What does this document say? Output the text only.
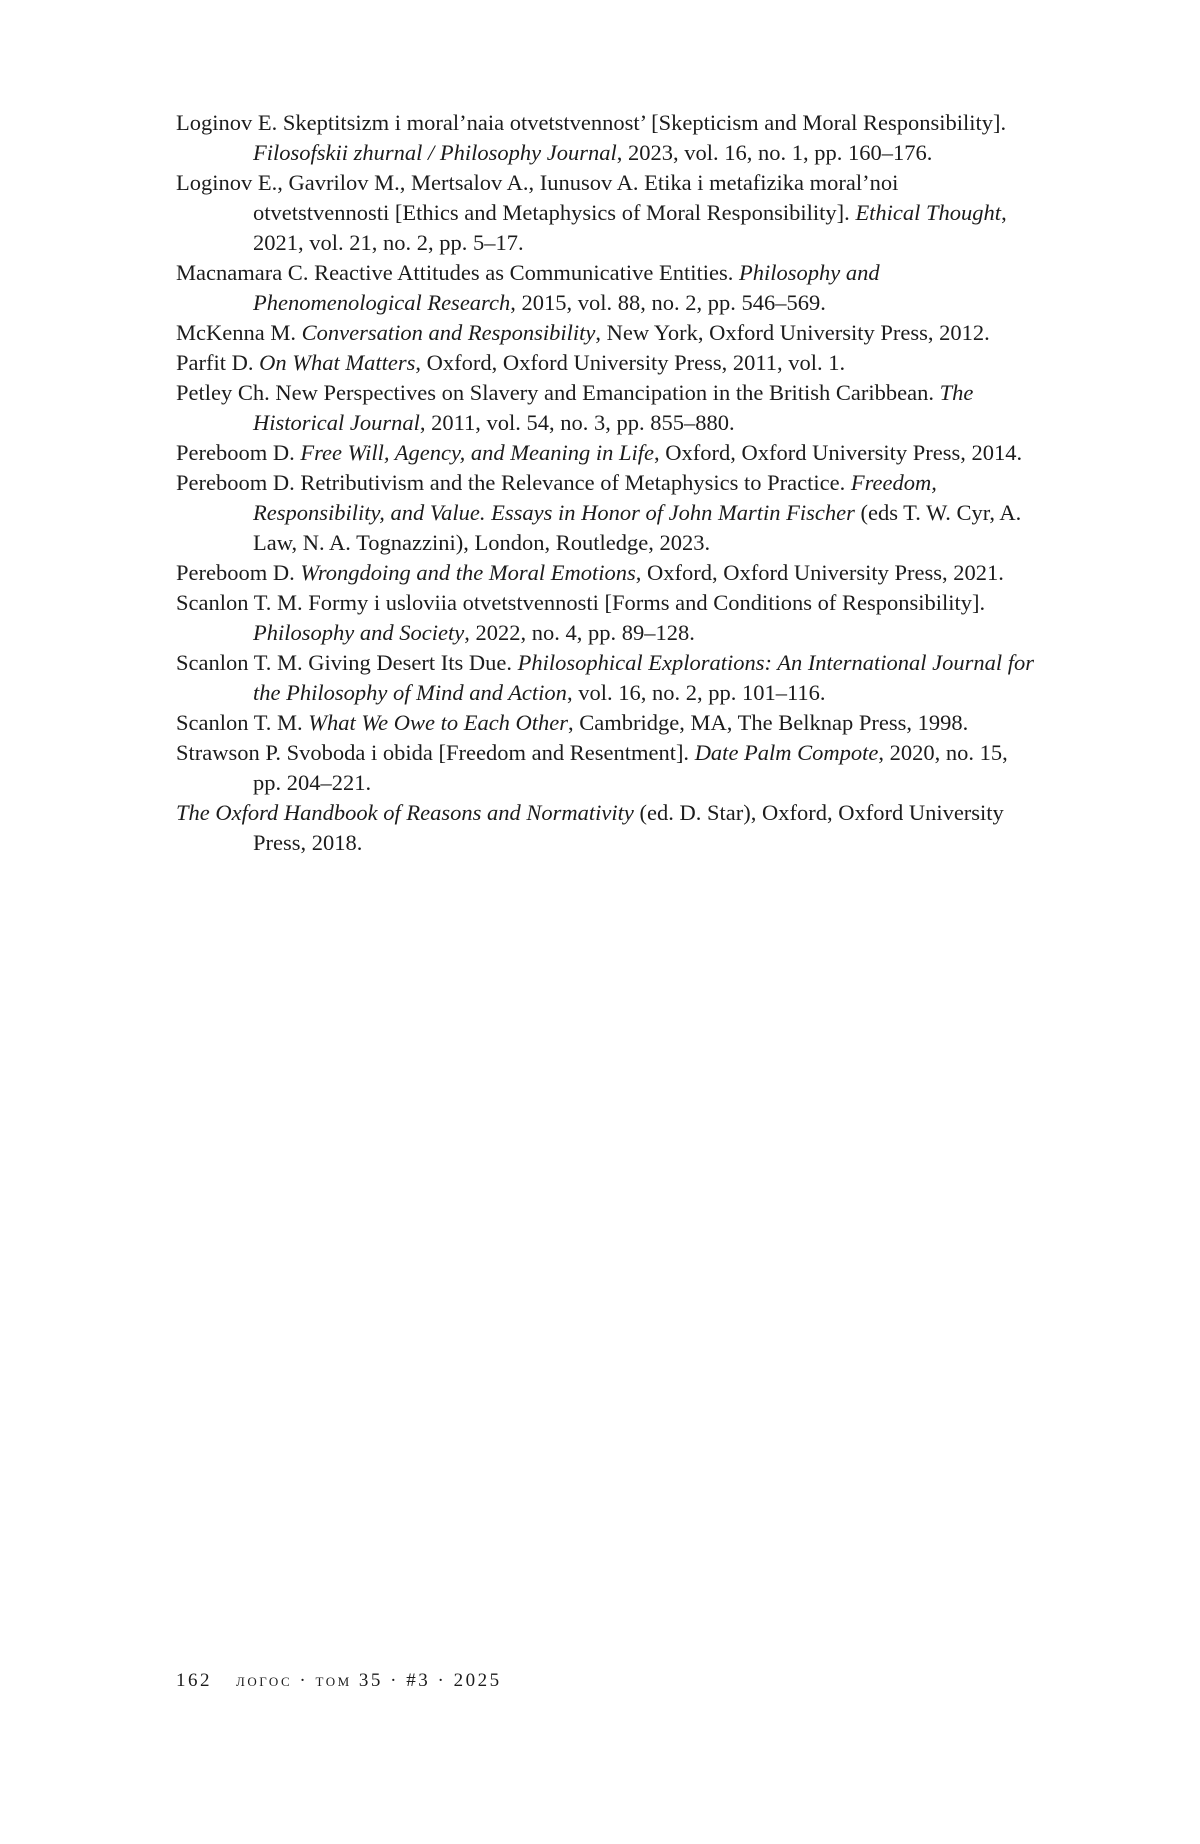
Loginov E. Skeptitsizm i moral’naia otvetstvennost’ [Skepticism and Moral Responsibility]. Filosofskii zhurnal / Philosophy Journal, 2023, vol. 16, no. 1, pp. 160–176.

Loginov E., Gavrilov M., Mertsalov A., Iunusov A. Etika i metafizika moral’noi otvetstvennosti [Ethics and Metaphysics of Moral Responsibility]. Ethical Thought, 2021, vol. 21, no. 2, pp. 5–17.

Macnamara C. Reactive Attitudes as Communicative Entities. Philosophy and Phenomenological Research, 2015, vol. 88, no. 2, pp. 546–569.

McKenna M. Conversation and Responsibility, New York, Oxford University Press, 2012.

Parfit D. On What Matters, Oxford, Oxford University Press, 2011, vol. 1.

Petley Ch. New Perspectives on Slavery and Emancipation in the British Caribbean. The Historical Journal, 2011, vol. 54, no. 3, pp. 855–880.

Pereboom D. Free Will, Agency, and Meaning in Life, Oxford, Oxford University Press, 2014.

Pereboom D. Retributivism and the Relevance of Metaphysics to Practice. Freedom, Responsibility, and Value. Essays in Honor of John Martin Fischer (eds T. W. Cyr, A. Law, N. A. Tognazzini), London, Routledge, 2023.

Pereboom D. Wrongdoing and the Moral Emotions, Oxford, Oxford University Press, 2021.

Scanlon T. M. Formy i usloviia otvetstvennosti [Forms and Conditions of Responsibility]. Philosophy and Society, 2022, no. 4, pp. 89–128.

Scanlon T. M. Giving Desert Its Due. Philosophical Explorations: An International Journal for the Philosophy of Mind and Action, vol. 16, no. 2, pp. 101–116.

Scanlon T. M. What We Owe to Each Other, Cambridge, MA, The Belknap Press, 1998.

Strawson P. Svoboda i obida [Freedom and Resentment]. Date Palm Compote, 2020, no. 15, pp. 204–221.

The Oxford Handbook of Reasons and Normativity (ed. D. Star), Oxford, Oxford University Press, 2018.

162 логос · том 35 · #3 · 2025
